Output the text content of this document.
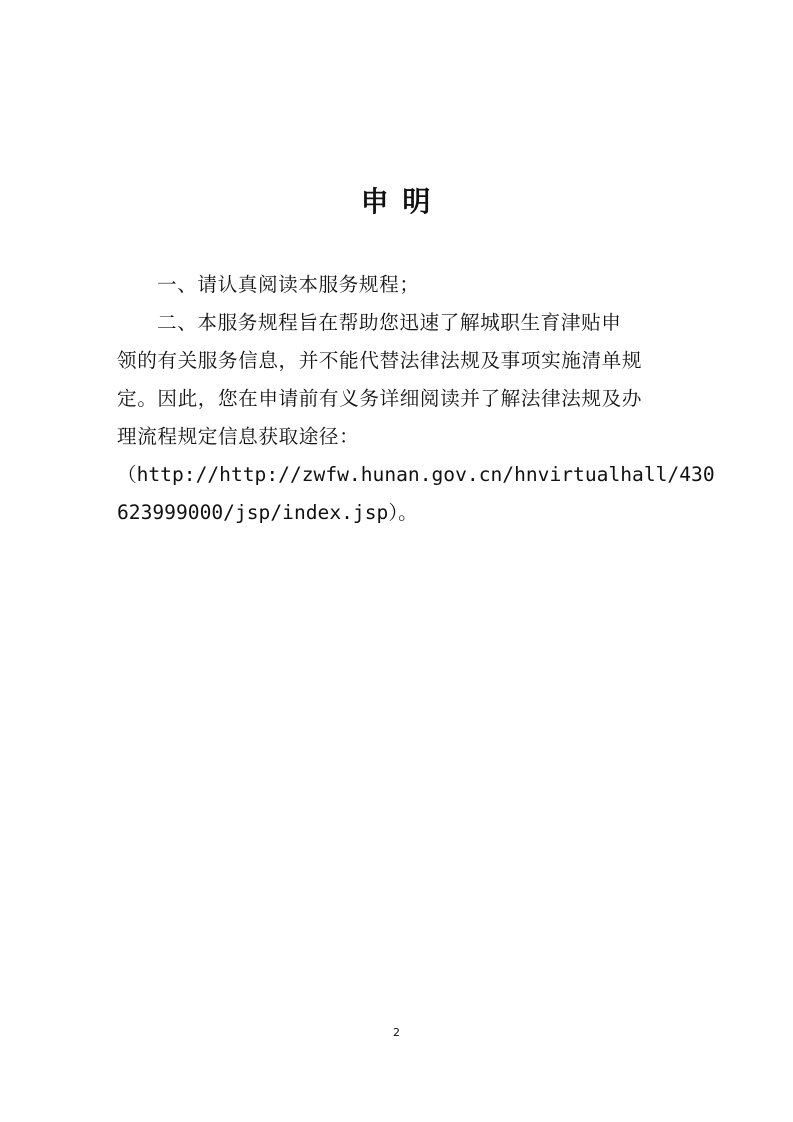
申 明

一、请认真阅读本服务规程；

二、本服务规程旨在帮助您迅速了解城职生育津贴申

领的有关服务信息，并不能代替法律法规及事项实施清单规

定。因此，您在申请前有义务详细阅读并了解法律法规及办

理流程规定信息获取途径：

（http://http://zwfw.hunan.gov.cn/hnvirtualhall/430

623999000/jsp/index.jsp）。

2
